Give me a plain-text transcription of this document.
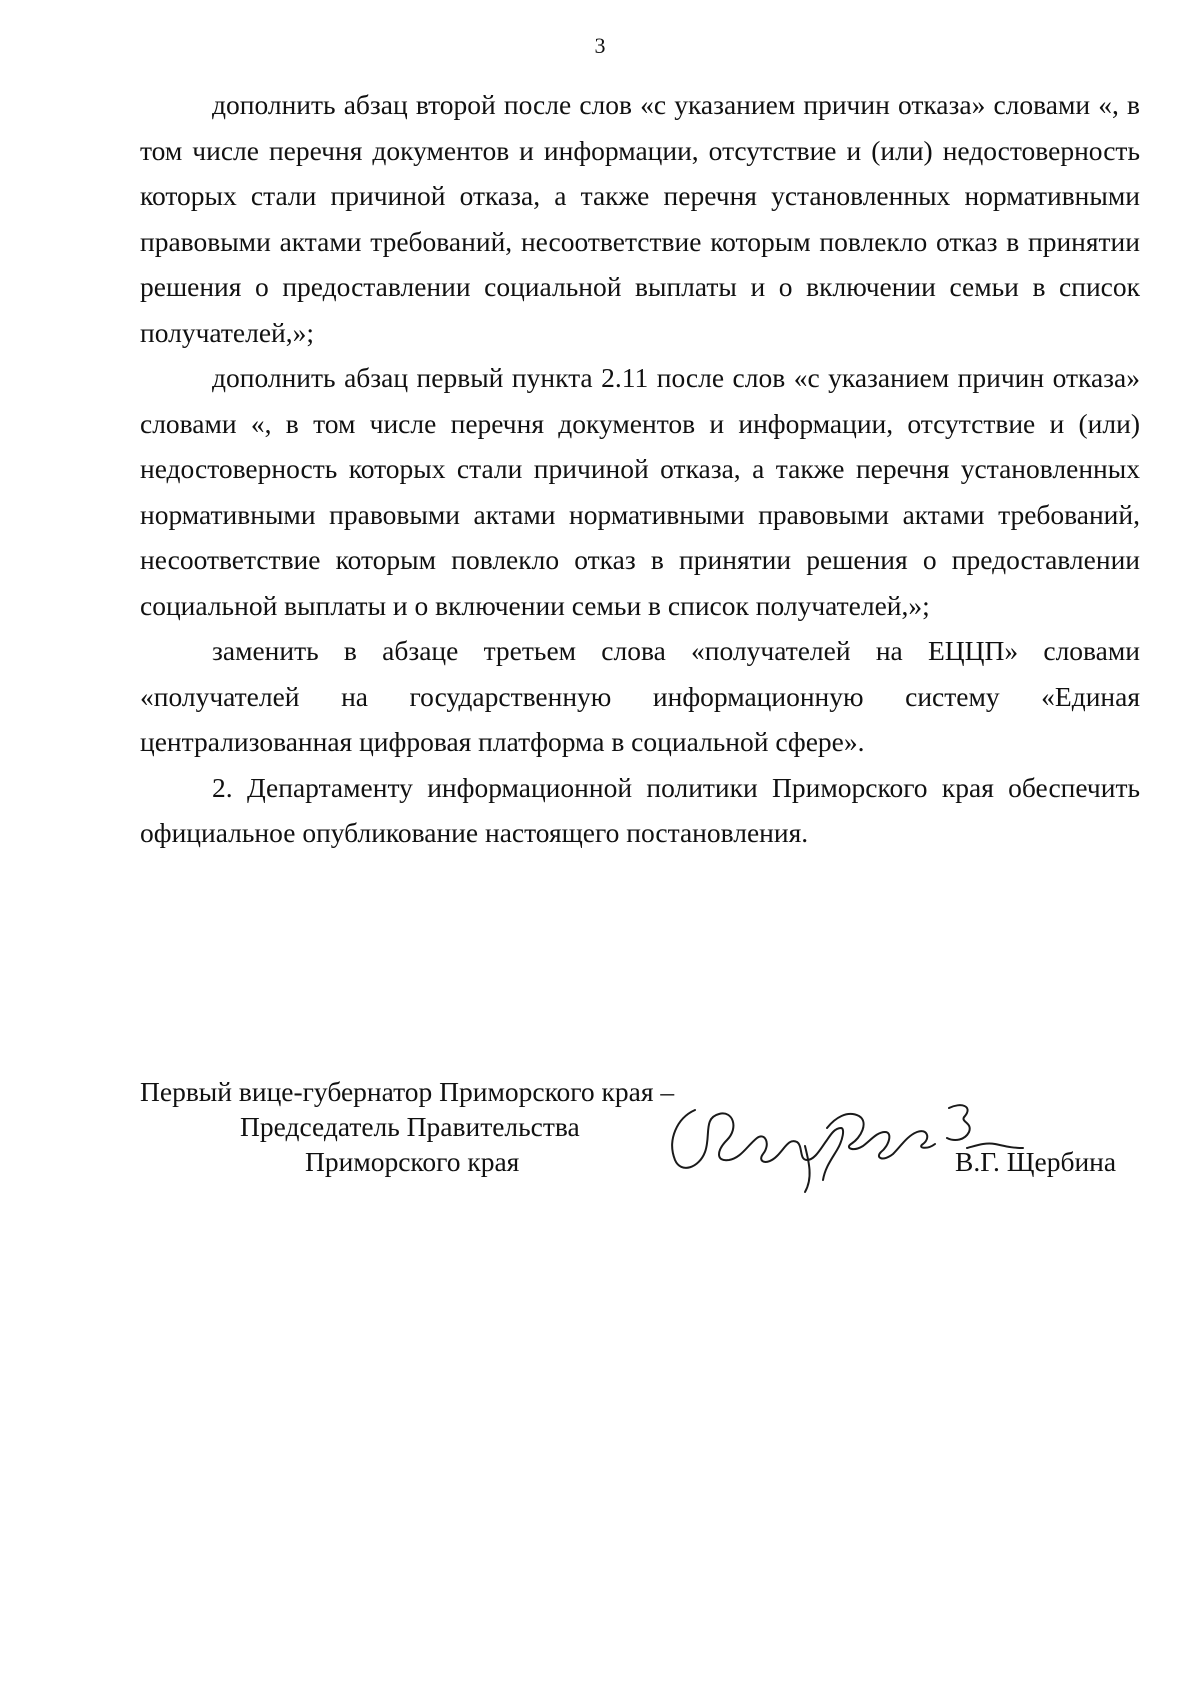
3

дополнить абзац второй после слов «с указанием причин отказа» словами «, в том числе перечня документов и информации, отсутствие и (или) недостоверность которых стали причиной отказа, а также перечня установленных нормативными правовыми актами требований, несоответствие которым повлекло отказ в принятии решения о предоставлении социальной выплаты и о включении семьи в список получателей,»;

дополнить абзац первый пункта 2.11 после слов «с указанием причин отказа» словами «, в том числе перечня документов и информации, отсутствие и (или) недостоверность которых стали причиной отказа, а также перечня установленных нормативными правовыми актами нормативными правовыми актами требований, несоответствие которым повлекло отказ в принятии решения о предоставлении социальной выплаты и о включении семьи в список получателей,»;

заменить в абзаце третьем слова «получателей на ЕЦЦП» словами «получателей на государственную информационную систему «Единая централизованная цифровая платформа в социальной сфере».

2. Департаменту информационной политики Приморского края обеспечить официальное опубликование настоящего постановления.

Первый вице-губернатор Приморского края –
Председатель Правительства
Приморского края	В.Г. Щербина
